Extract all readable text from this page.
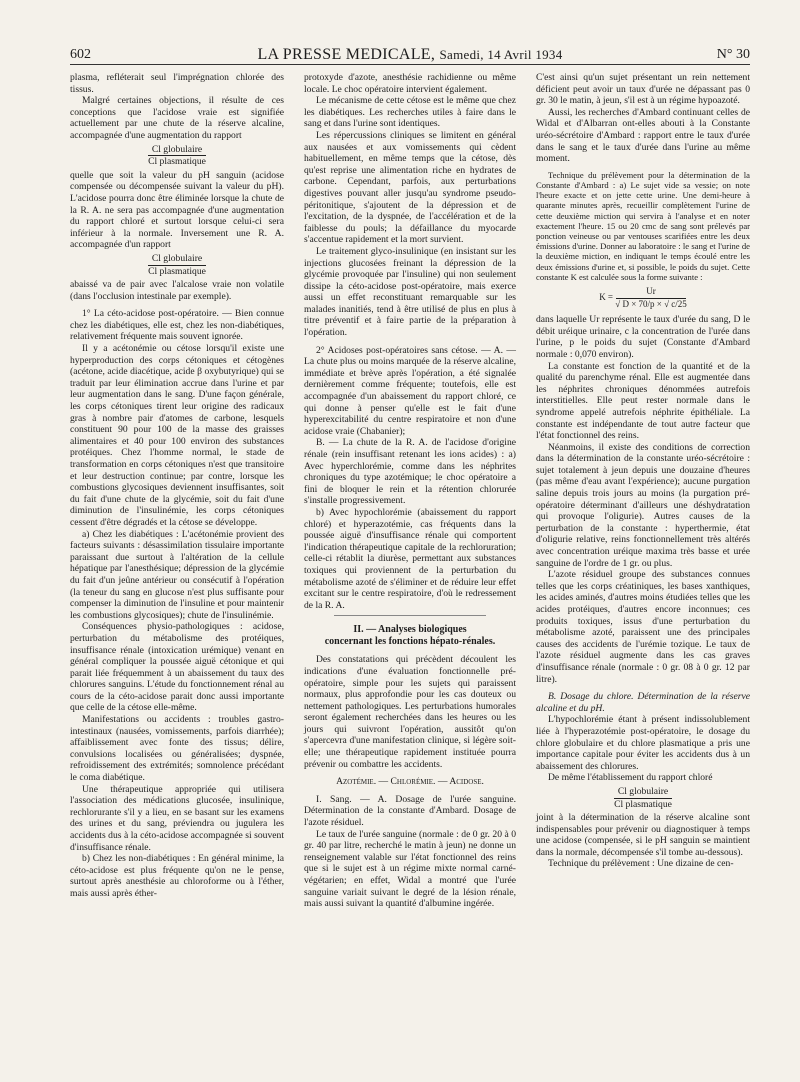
602	LA PRESSE MEDICALE, Samedi, 14 Avril 1934	N° 30

plasma, refléterait seul l'imprégnation chlorée des tissus.

Malgré certaines objections, il résulte de ces conceptions que l'acidose vraie est signifiée actuellement par une chute de la réserve alcaline, accompagnée d'une augmentation du rapport

Cl globulaire
Cl plasmatique

quelle que soit la valeur du pH sanguin (acidose compensée ou décompensée suivant la valeur du pH). L'acidose pourra donc être éliminée lorsque la chute de la R. A. ne sera pas accompagnée d'une augmentation du rapport chloré et surtout lorsque celui-ci sera inférieur à la normale. Inversement une R. A. accompagnée d'un rapport

Cl globulaire
Cl plasmatique

abaissé va de pair avec l'alcalose vraie non volatile (dans l'occlusion intestinale par exemple).

1° La céto-acidose post-opératoire. — Bien connue chez les diabétiques, elle est, chez les non-diabétiques, relativement fréquente mais souvent ignorée.

Il y a acétonémie ou cétose lorsqu'il existe une hyperproduction des corps cétoniques et cétogènes (acétone, acide diacétique, acide β oxybutyrique) qui se traduit par leur élimination accrue dans l'urine et par leur augmentation dans le sang. D'une façon générale, les corps cétoniques tirent leur origine des radicaux gras à nombre pair d'atomes de carbone, lesquels constituent 90 pour 100 de la masse des graisses alimentaires et 40 pour 100 environ des substances protéiques. Chez l'homme normal, le stade de transformation en corps cétoniques n'est que transitoire et leur destruction continue; par contre, lorsque les combustions glycosiques deviennent insuffisantes, soit du fait d'une chute de la glycémie, soit du fait d'une diminution de l'insulinémie, les corps cétoniques cessent d'être dégradés et la cétose se développe.

a) Chez les diabétiques : L'acétonémie provient des facteurs suivants : désassimilation tissulaire importante paraissant due surtout à l'altération de la cellule hépatique par l'anesthésique; dépression de la glycémie du fait d'un jeûne antérieur ou consécutif à l'opération (la teneur du sang en glucose n'est plus suffisante pour compenser la diminution de l'insuline et pour maintenir les combustions glycosiques); chute de l'insulinémie.

Conséquences physio-pathologiques : acidose, perturbation du métabolisme des protéiques, insuffisance rénale (intoxication urémique) venant en général compliquer la poussée aiguë cétonique et qui parait liée fréquemment à un abaissement du taux des chlorures sanguins. L'étude du fonctionnement rénal au cours de la céto-acidose parait donc aussi importante que celle de la cétose elle-même.

Manifestations ou accidents : troubles gastro-intestinaux (nausées, vomissements, parfois diarrhée); affaiblissement avec fonte des tissus; délire, convulsions localisées ou généralisées; dyspnée, refroidissement des extrémités; somnolence précédant le coma diabétique.

Une thérapeutique appropriée qui utilisera l'association des médications glucosée, insulinique, rechlorurante s'il y a lieu, en se basant sur les examens des urines et du sang, préviendra ou jugulera les accidents dus à la céto-acidose accompagnée si souvent d'insuffisance rénale.

b) Chez les non-diabétiques : En général minime, la céto-acidose est plus fréquente qu'on ne le pense, surtout après anesthésie au chloroforme ou à l'éther, mais aussi après éther-

protoxyde d'azote, anesthésie rachidienne ou même locale. Le choc opératoire intervient également.

Le mécanisme de cette cétose est le même que chez les diabétiques. Les recherches utiles à faire dans le sang et dans l'urine sont identiques.

Les répercussions cliniques se limitent en général aux nausées et aux vomissements qui cèdent habituellement, en même temps que la cétose, dès qu'est reprise une alimentation riche en hydrates de carbone. Cependant, parfois, aux perturbations digestives pouvant aller jusqu'au syndrome pseudo-péritonitique, s'ajoutent de la dépression et de l'excitation, de la dyspnée, de l'accélération et de la faiblesse du pouls; la défaillance du myocarde s'accentue rapidement et la mort survient.

Le traitement glyco-insulinique (en insistant sur les injections glucosées freinant la dépression de la glycémie provoquée par l'insuline) qui non seulement dissipe la céto-acidose post-opératoire, mais exerce aussi un effet reconstituant remarquable sur les malades inanitiés, tend à être utilisé de plus en plus à titre préventif et à faire partie de la préparation à l'opération.

2° Acidoses post-opératoires sans cétose. — A. — La chute plus ou moins marquée de la réserve alcaline, immédiate et brève après l'opération, a été signalée dernièrement comme fréquente; toutefois, elle est accompagnée d'un abaissement du rapport chloré, ce qui donne à penser qu'elle est le fait d'une hyperexcitabilité du centre respiratoire et non d'une acidose vraie (Chabanier);

B. — La chute de la R. A. de l'acidose d'origine rénale (rein insuffisant retenant les ions acides) : a) Avec hyperchlorémie, comme dans les néphrites chroniques du type azotémique; le choc opératoire a fini de bloquer le rein et la rétention chlorurée s'installe progressivement.

b) Avec hypochlorémie (abaissement du rapport chloré) et hyperazotémie, cas fréquents dans la poussée aiguë d'insuffisance rénale qui comportent l'indication thérapeutique capitale de la rechloruration; celle-ci rétablit la diurèse, permettant aux substances toxiques qui proviennent de la perturbation du métabolisme azoté de s'éliminer et de réduire leur effet excitant sur le centre respiratoire, d'où le redressement de la R. A.

II. — Analyses biologiques
concernant les fonctions hépato-rénales.

Des constatations qui précèdent découlent les indications d'une évaluation fonctionnelle pré-opératoire, simple pour les sujets qui paraissent normaux, plus approfondie pour les cas douteux ou nettement pathologiques. Les perturbations humorales seront également recherchées dans les heures ou les jours qui suivront l'opération, aussitôt qu'on s'apercevra d'une manifestation clinique, si légère soit-elle; une thérapeutique rapidement instituée pourra prévenir ou combattre les accidents.

Azotémie. — Chlorémie. — Acidose.

I. Sang. — A. Dosage de l'urée sanguine. Détermination de la constante d'Ambard. Dosage de l'azote résiduel.

Le taux de l'urée sanguine (normale : de 0 gr. 20 à 0 gr. 40 par litre, recherché le matin à jeun) ne donne un renseignement valable sur l'état fonctionnel des reins que si le sujet est à un régime mixte normal carné-végétarien; en effet, Widal a montré que l'urée sanguine variait suivant le degré de la lésion rénale, mais aussi suivant la quantité d'albumine ingérée.

C'est ainsi qu'un sujet présentant un rein nettement déficient peut avoir un taux d'urée ne dépassant pas 0 gr. 30 le matin, à jeun, s'il est à un régime hypoazoté.

Aussi, les recherches d'Ambard continuant celles de Widal et d'Albarran ont-elles abouti à la Constante uréo-sécrétoire d'Ambard : rapport entre le taux d'urée dans le sang et le taux d'urée dans l'urine au même moment.

Technique du prélèvement pour la détermination de la Constante d'Ambard : a) Le sujet vide sa vessie; on note l'heure exacte et on jette cette urine. Une demi-heure à quarante minutes après, recueillir complètement l'urine de cette deuxième miction qui servira à l'analyse et en noter exactement l'heure. 15 ou 20 cmc de sang sont prélevés par ponction veineuse ou par ventouses scarifiées entre les deux émissions d'urine. Donner au laboratoire : le sang et l'urine de la deuxième miction, en indiquant le temps écoulé entre les deux émissions d'urine et, si possible, le poids du sujet. Cette constante K est calculée sous la forme suivante :

$K = \frac{Ur}{√ D \times 70/p \times √ c/25}$

dans laquelle Ur représente le taux d'urée du sang, D le débit uréique urinaire, c la concentration de l'urée dans l'urine, p le poids du sujet (Constante d'Ambard normale : 0,070 environ).

La constante est fonction de la quantité et de la qualité du parenchyme rénal. Elle est augmentée dans les néphrites chroniques dénommées autrefois interstitielles. Elle peut rester normale dans le syndrome appelé autrefois néphrite épithéliale. La constante est indépendante de tout autre facteur que l'état fonctionnel des reins.

Néanmoins, il existe des conditions de correction dans la détermination de la constante uréo-sécrétoire : sujet totalement à jeun depuis une douzaine d'heures (pas même d'eau avant l'expérience); aucune purgation saline depuis trois jours au moins (la purgation pré-opératoire déterminant d'ailleurs une déshydratation qui provoque l'oligurie). Autres causes de la perturbation de la constante : hyperthermie, état d'oligurie relative, reins fonctionnellement très altérés avec concentration uréique maxima très basse et urée sanguine de l'ordre de 1 gr. ou plus.

L'azote résiduel groupe des substances connues telles que les corps créatiniques, les bases xanthiques, les acides aminés, d'autres moins étudiées telles que les acides protéiques, d'autres encore inconnues; ces produits toxiques, issus d'une perturbation du métabolisme azoté, paraissent une des principales causes des accidents de l'urémie tozique. Le taux de l'azote résiduel augmente dans les cas graves d'insuffisance rénale (normale : 0 gr. 08 à 0 gr. 12 par litre).

B. Dosage du chlore. Détermination de la réserve alcaline et du pH.

L'hypochlorémie étant à présent indissolublement liée à l'hyperazotémie post-opératoire, le dosage du chlore globulaire et du chlore plasmatique a pris une importance capitale pour éviter les accidents dus à un abaissement des chlorures.

De même l'établissement du rapport chloré

Cl globulaire
Cl plasmatique

joint à la détermination de la réserve alcaline sont indispensables pour prévenir ou diagnostiquer à temps une acidose (compensée, si le pH sanguin se maintient dans la normale, décompensée s'il tombe au-dessous).

Technique du prélèvement : Une dizaine de cen-
